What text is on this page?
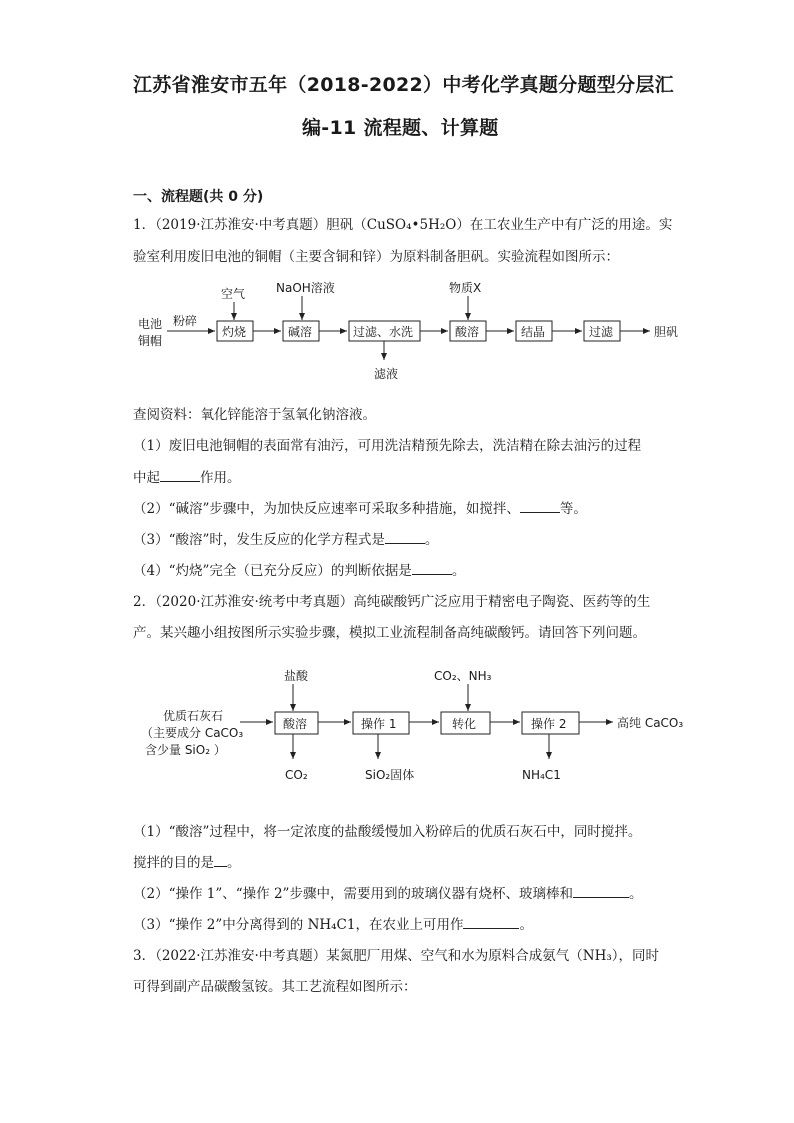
江苏省淮安市五年（2018-2022）中考化学真题分题型分层汇
编-11 流程题、计算题
一、流程题(共 0 分)
1．（2019·江苏淮安·中考真题）胆矾（CuSO₄•5H₂O）在工农业生产中有广泛的用途。实
验室利用废旧电池的铜帽（主要含铜和锌）为原料制备胆矾。实验流程如图所示：
电池
铜帽
粉碎
空气
灼烧
NaOH溶液
碱溶	过滤、水洗
滤液
物质X
酸溶	结晶	过滤	胆矾
查阅资料：氧化锌能溶于氢氧化钠溶液。
（1）废旧电池铜帽的表面常有油污，可用洗洁精预先除去，洗洁精在除去油污的过程
中起	作用。
（2）“碱溶”步骤中，为加快反应速率可采取多种措施，如搅拌、	等。
（3）“酸溶”时，发生反应的化学方程式是	。
（4）“灼烧”完全（已充分反应）的判断依据是	。
2．（2020·江苏淮安·统考中考真题）高纯碳酸钙广泛应用于精密电子陶瓷、医药等的生
产。某兴趣小组按图所示实验步骤，模拟工业流程制备高纯碳酸钙。请回答下列问题。
盐酸	CO₂、NH₃
优质石灰石
（主要成分 CaCO₃
含少量 SiO₂ ）
酸溶
CO₂
操作 1
SiO₂固体
转化	操作 2
NH₄C1
高纯 CaCO₃
（1）“酸溶”过程中，将一定浓度的盐酸缓慢加入粉碎后的优质石灰石中，同时搅拌。
搅拌的目的是 。
（2）“操作 1”、“操作 2”步骤中，需要用到的玻璃仪器有烧杯、玻璃棒和	。
（3）“操作 2”中分离得到的 NH₄C1，在农业上可用作	。
3．（2022·江苏淮安·中考真题）某氮肥厂用煤、空气和水为原料合成氨气（NH₃），同时
可得到副产品碳酸氢铵。其工艺流程如图所示：
